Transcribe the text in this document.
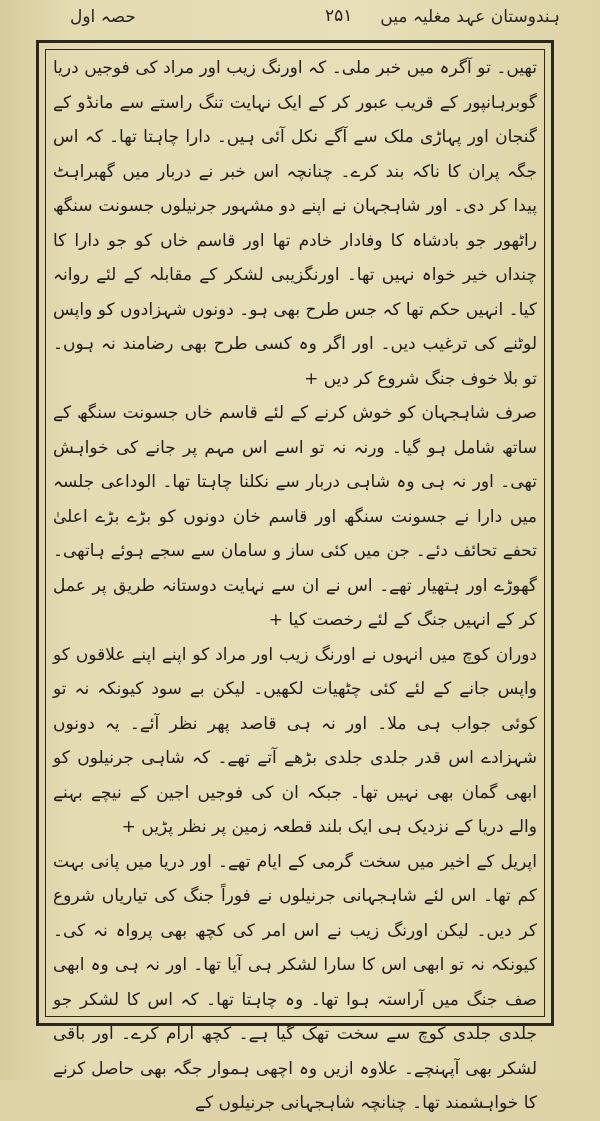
حصہ اول	۲۵۱ ہندوستان عہد مغلیہ میں

تھیں۔ تو آگرہ میں خبر ملی۔ کہ اورنگ زیب اور مراد کی فوجیں دریا گوبرہانپور کے قریب عبور کر کے ایک نہایت تنگ راستے سے مانڈو کے گنجان اور پہاڑی ملک سے آگے نکل آئی ہیں۔ دارا چاہتا تھا۔ کہ اس جگہ پران کا ناکہ بند کرے۔ چنانچہ اس خبر نے دربار میں گھبراہٹ پیدا کر دی۔ اور شاہجہان نے اپنے دو مشہور جرنیلوں جسونت سنگھ راٹھور جو بادشاہ کا وفادار خادم تھا اور قاسم خاں کو جو دارا کا چنداں خیر خواہ نہیں تھا۔ اورنگزیبی لشکر کے مقابلہ کے لئے روانہ کیا۔ انہیں حکم تھا کہ جس طرح بھی ہو۔ دونوں شہزادوں کو واپس لوٹنے کی ترغیب دیں۔ اور اگر وہ کسی طرح بھی رضامند نہ ہوں۔ تو بلا خوف جنگ شروع کر دیں +

صرف شاہجہان کو خوش کرنے کے لئے قاسم خاں جسونت سنگھ کے ساتھ شامل ہو گیا۔ ورنہ نہ تو اسے اس مہم پر جانے کی خواہش تھی۔ اور نہ ہی وہ شاہی دربار سے نکلنا چاہتا تھا۔ الوداعی جلسہ میں دارا نے جسونت سنگھ اور قاسم خان دونوں کو بڑے بڑے اعلیٰ تحفے تحائف دئے۔ جن میں کئی ساز و سامان سے سجے ہوئے ہاتھی۔ گھوڑے اور ہتھیار تھے۔ اس نے ان سے نہایت دوستانہ طریق پر عمل کر کے انہیں جنگ کے لئے رخصت کیا +

دوران کوچ میں انہوں نے اورنگ زیب اور مراد کو اپنے اپنے علاقوں کو واپس جانے کے لئے کئی چٹھیات لکھیں۔ لیکن بے سود کیونکہ نہ تو کوئی جواب ہی ملا۔ اور نہ ہی قاصد پھر نظر آئے۔ یہ دونوں شہزادے اس قدر جلدی جلدی بڑھے آتے تھے۔ کہ شاہی جرنیلوں کو ابھی گمان بھی نہیں تھا۔ جبکہ ان کی فوجیں اجین کے نیچے بہنے والے دریا کے نزدیک ہی ایک بلند قطعہ زمین پر نظر پڑیں +

اپریل کے اخیر میں سخت گرمی کے ایام تھے۔ اور دریا میں پانی بہت کم تھا۔ اس لئے شاہجہانی جرنیلوں نے فوراً جنگ کی تیاریاں شروع کر دیں۔ لیکن اورنگ زیب نے اس امر کی کچھ بھی پرواہ نہ کی۔ کیونکہ نہ تو ابھی اس کا سارا لشکر ہی آیا تھا۔ اور نہ ہی وہ ابھی صف جنگ میں آراستہ ہوا تھا۔ وہ چاہتا تھا۔ کہ اس کا لشکر جو جلدی جلدی کوچ سے سخت تھک گیا ہے۔ کچھ آرام کرے۔ اور باقی لشکر بھی آپہنچے۔ علاوہ ازیں وہ اچھی ہموار جگہ بھی حاصل کرنے کا خواہشمند تھا۔ چنانچہ شاہجہانی جرنیلوں کے
